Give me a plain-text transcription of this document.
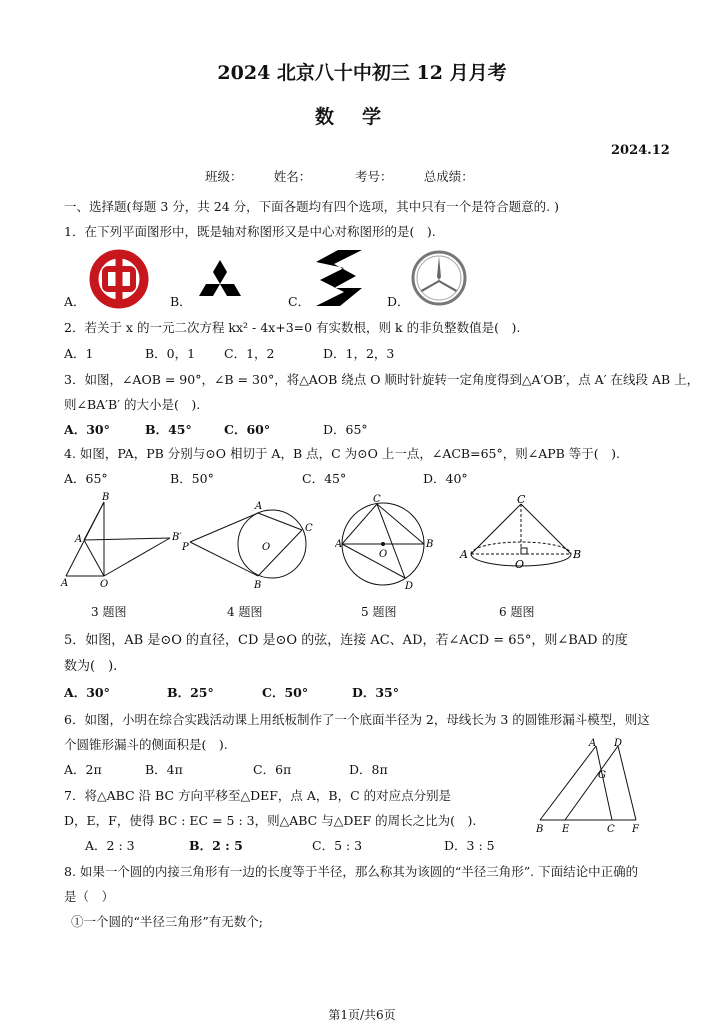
2024 北京八十中初三 12 月月考
数学
2024.12
班级：　　　姓名：　　　　考号：　　　总成绩：
一、选择题(每题 3 分，共 24 分，下面各题均有四个选项，其中只有一个是符合题意的. )
1．在下列平面图形中，既是轴对称图形又是中心对称图形的是(　).
A．	B．	C．	D．
2．若关于 x 的一元二次方程 kx² - 4x+3=0 有实数根，则 k 的非负整数值是(　).
A．1	B．0，1 C．1，2	D．1，2，3
3．如图，∠AOB = 90°，∠B = 30°，将△AOB 绕点 O 顺时针旋转一定角度得到△A′OB′，点 A′ 在线段 AB 上，
则∠BA′B′ 的大小是(　).
A．30°	B．45°	C．60°	D．65°
4. 如图，PA，PB 分别与⊙O 相切于 A，B 点，C 为⊙O 上一点，∠ACB=65°，则∠APB 等于(　).
A．65°	B．50°	C．45°	D．40°
B
A	B′
A	O
A
C
P	O
B
C
A
O
B
D
C
A
O
B
3 题图	4 题图	5 题图	6 题图
5．如图，AB 是⊙O 的直径，CD 是⊙O 的弦，连接 AC、AD，若∠ACD = 65°，则∠BAD 的度
数为(　).
A．30°	B．25°	C．50°	D．35°
6．如图，小明在综合实践活动课上用纸板制作了一个底面半径为 2，母线长为 3 的圆锥形漏斗模型，则这
个圆锥形漏斗的侧面积是(　).
A．2π	B．4π	C．6π	D．8π
A D
G
B E	C F
7．将△ABC 沿 BC 方向平移至△DEF，点 A，B，C 的对应点分别是
D，E，F，使得 BC : EC = 5 : 3，则△ABC 与△DEF 的周长之比为(　).
A．2 : 3	B．2 : 5	C．5 : 3	D．3 : 5
8. 如果一个圆的内接三角形有一边的长度等于半径，那么称其为该圆的“半径三角形”. 下面结论中正确的
是（　）
①一个圆的“半径三角形”有无数个;
第1页/共6页
